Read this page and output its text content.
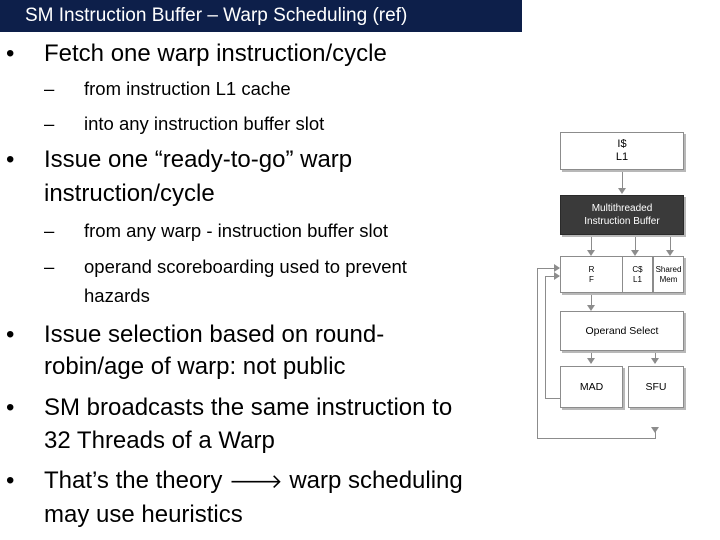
SM Instruction Buffer – Warp Scheduling (ref)
•	Fetch one warp instruction/cycle
– from instruction L1 cache
– into any instruction buffer slot
•	Issue one “ready-to-go” warp
instruction/cycle
– from any warp - instruction buffer slot
– operand scoreboarding used to prevent
hazards
•	Issue selection based on round-
robin/age of warp: not public
•	SM broadcasts the same instruction to
32 Threads of a Warp
•	That’s the theory 🡒 warp scheduling
may use heuristics
I$
L1
Multithreaded
Instruction Buffer
R
F
C$
L1
Shared
Mem
Operand Select
MAD	SFU
